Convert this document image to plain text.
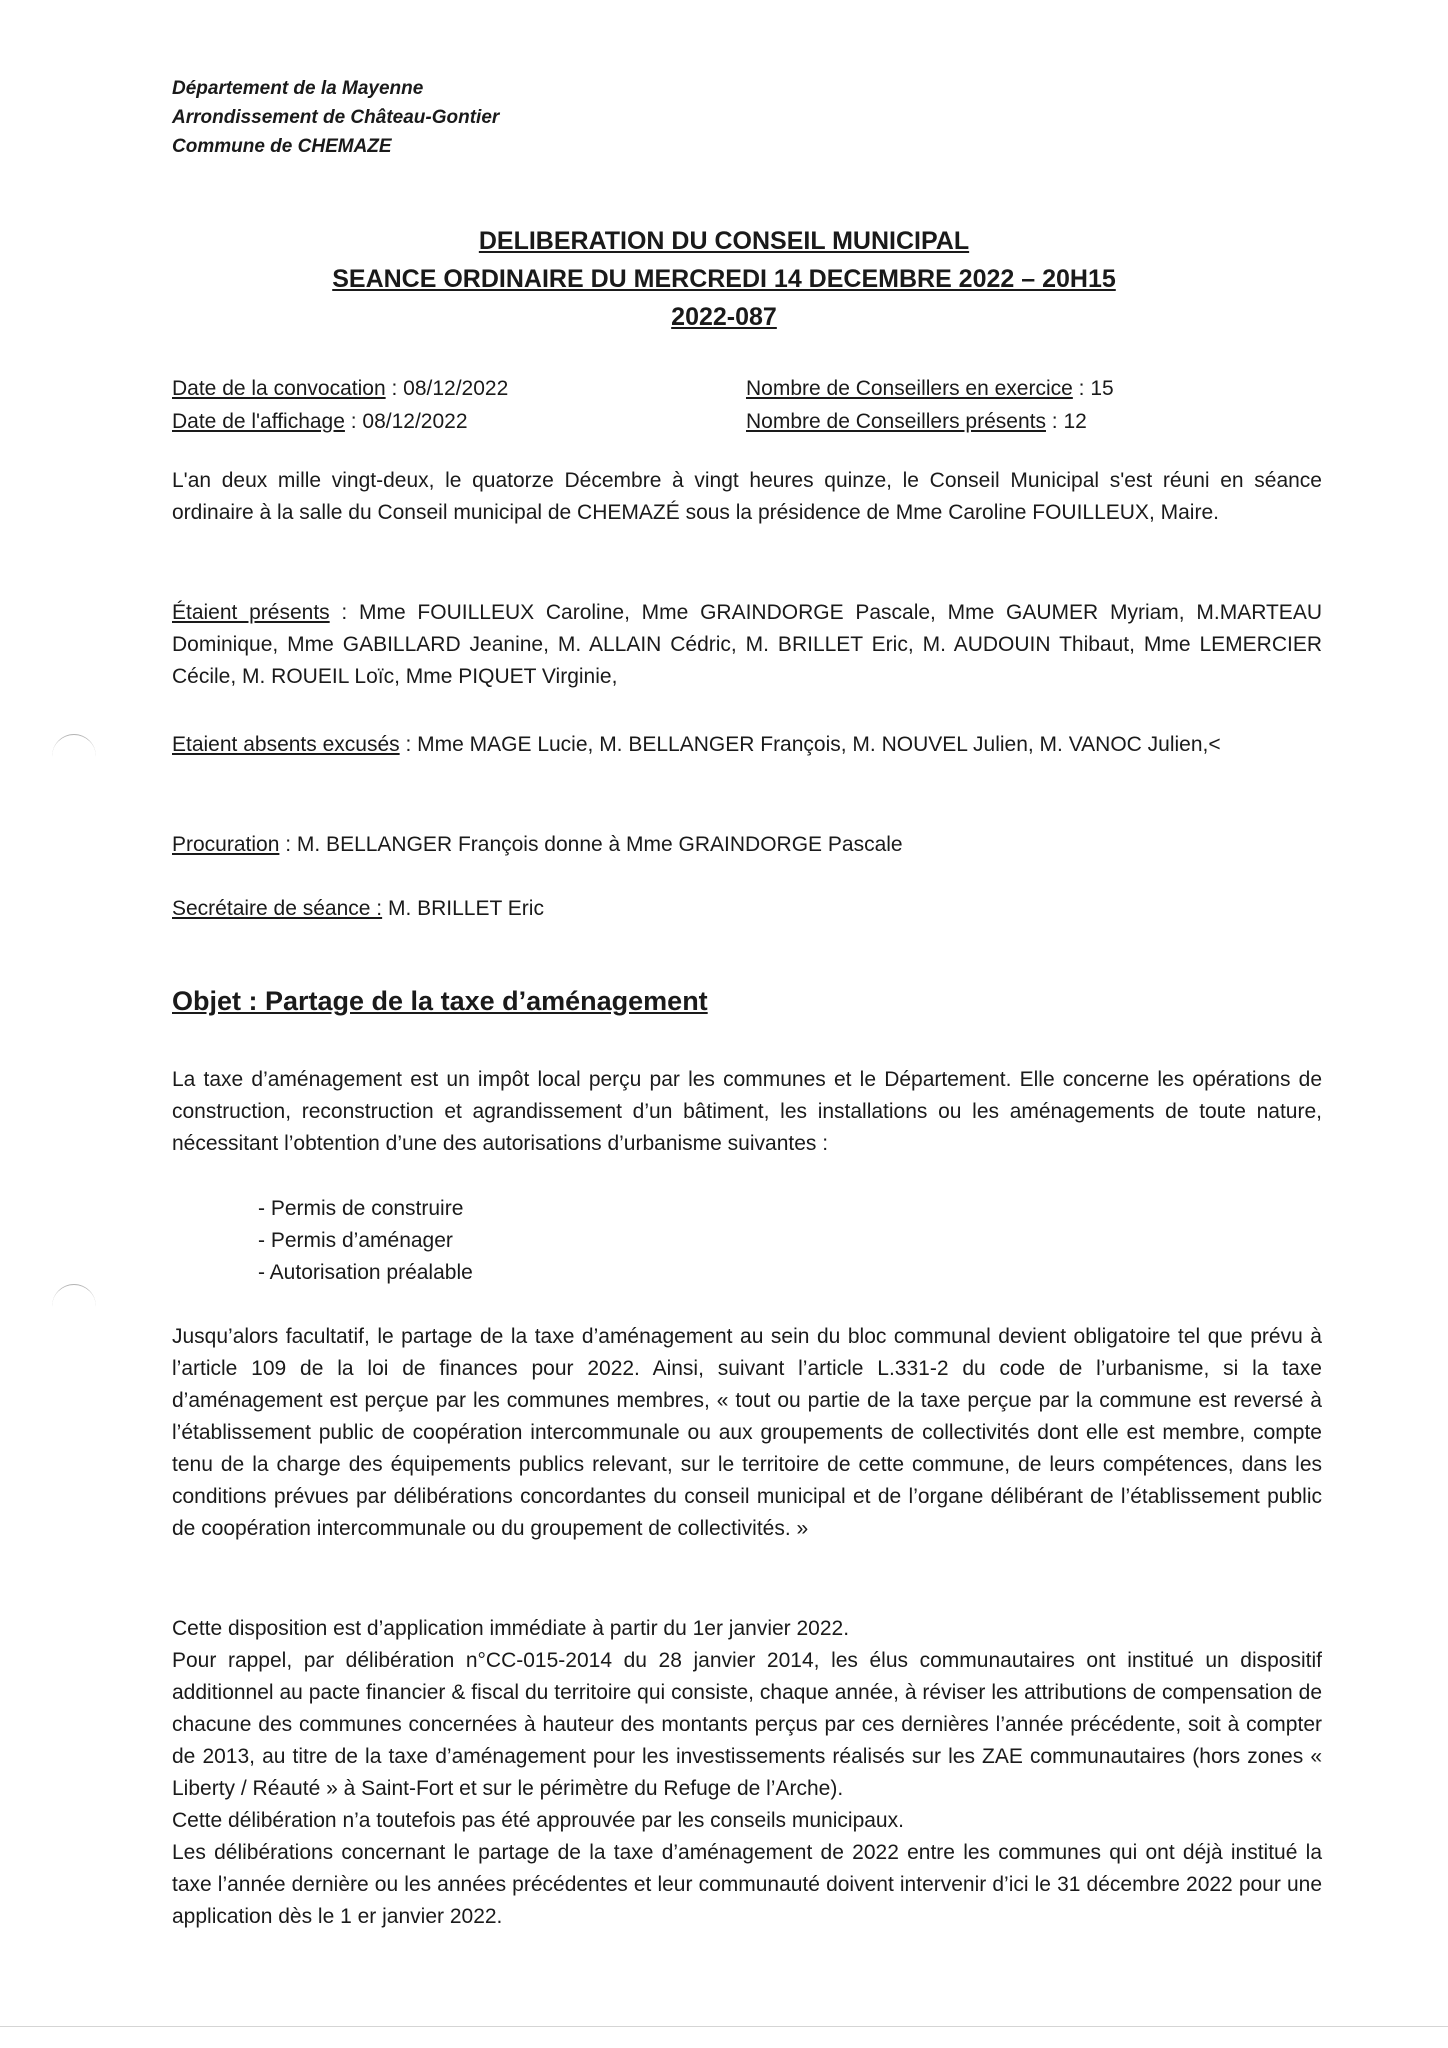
Département de la Mayenne
Arrondissement de Château-Gontier
Commune de CHEMAZE
DELIBERATION DU CONSEIL MUNICIPAL
SEANCE ORDINAIRE DU MERCREDI 14 DECEMBRE 2022 – 20H15
2022-087
Date de la convocation : 08/12/2022
Date de l'affichage : 08/12/2022
Nombre de Conseillers en exercice : 15
Nombre de Conseillers présents : 12
L'an deux mille vingt-deux, le quatorze Décembre à vingt heures quinze, le Conseil Municipal s'est réuni en séance ordinaire à la salle du Conseil municipal de CHEMAZÉ sous la présidence de Mme Caroline FOUILLEUX, Maire.
Étaient présents : Mme FOUILLEUX Caroline, Mme GRAINDORGE Pascale, Mme GAUMER Myriam, M.MARTEAU Dominique, Mme GABILLARD Jeanine, M. ALLAIN Cédric, M. BRILLET Eric, M. AUDOUIN Thibaut, Mme LEMERCIER Cécile, M. ROUEIL Loïc, Mme PIQUET Virginie,
Etaient absents excusés : Mme MAGE Lucie, M. BELLANGER François, M. NOUVEL Julien, M. VANOC Julien,<
Procuration : M. BELLANGER François donne à Mme GRAINDORGE Pascale
Secrétaire de séance : M. BRILLET Eric
Objet : Partage de la taxe d’aménagement
La taxe d’aménagement est un impôt local perçu par les communes et le Département. Elle concerne les opérations de construction, reconstruction et agrandissement d’un bâtiment, les installations ou les aménagements de toute nature, nécessitant l’obtention d’une des autorisations d’urbanisme suivantes :
- Permis de construire
- Permis d’aménager
- Autorisation préalable
Jusqu’alors facultatif, le partage de la taxe d’aménagement au sein du bloc communal devient obligatoire tel que prévu à l’article 109 de la loi de finances pour 2022. Ainsi, suivant l’article L.331-2 du code de l’urbanisme, si la taxe d’aménagement est perçue par les communes membres, « tout ou partie de la taxe perçue par la commune est reversé à l’établissement public de coopération intercommunale ou aux groupements de collectivités dont elle est membre, compte tenu de la charge des équipements publics relevant, sur le territoire de cette commune, de leurs compétences, dans les conditions prévues par délibérations concordantes du conseil municipal et de l’organe délibérant de l’établissement public de coopération intercommunale ou du groupement de collectivités. »
Cette disposition est d’application immédiate à partir du 1er janvier 2022.
Pour rappel, par délibération n°CC-015-2014 du 28 janvier 2014, les élus communautaires ont institué un dispositif additionnel au pacte financier & fiscal du territoire qui consiste, chaque année, à réviser les attributions de compensation de chacune des communes concernées à hauteur des montants perçus par ces dernières l’année précédente, soit à compter de 2013, au titre de la taxe d’aménagement pour les investissements réalisés sur les ZAE communautaires (hors zones « Liberty / Réauté » à Saint-Fort et sur le périmètre du Refuge de l’Arche).
Cette délibération n’a toutefois pas été approuvée par les conseils municipaux.
Les délibérations concernant le partage de la taxe d’aménagement de 2022 entre les communes qui ont déjà institué la taxe l’année dernière ou les années précédentes et leur communauté doivent intervenir d’ici le 31 décembre 2022 pour une application dès le 1 er janvier 2022.
